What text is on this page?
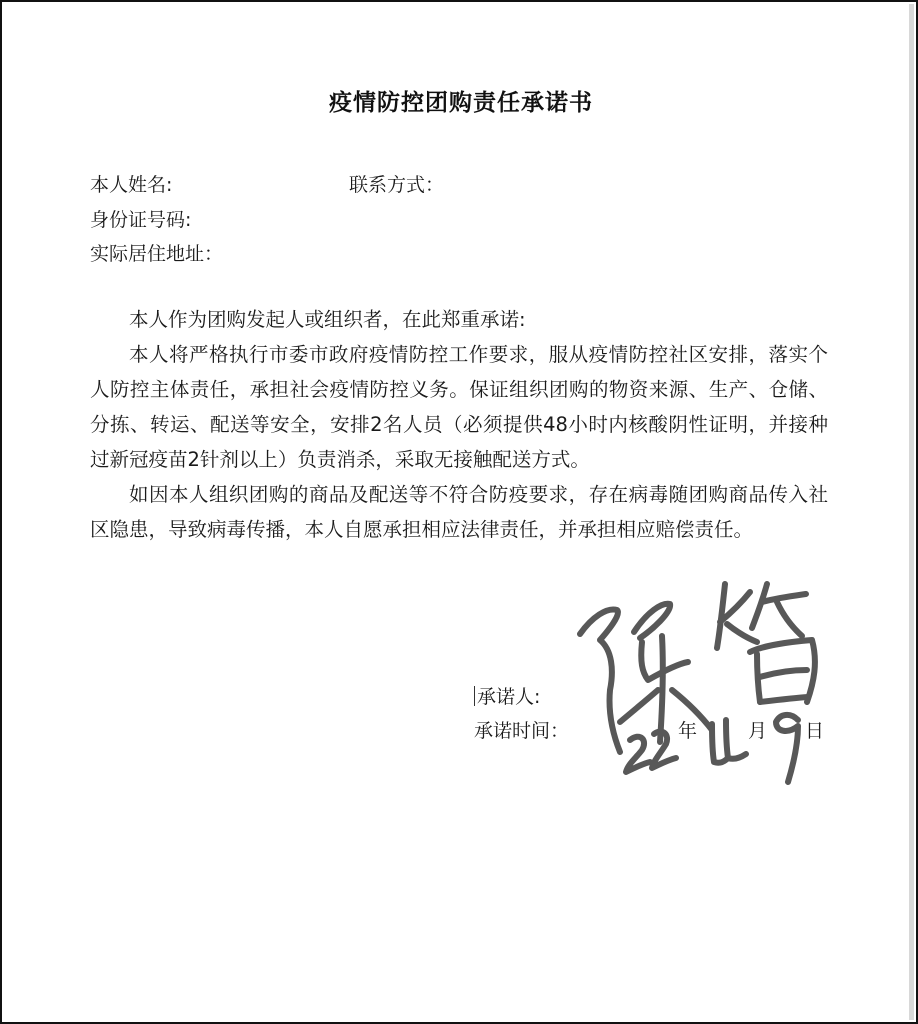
疫情防控团购责任承诺书
本人姓名:	联系方式：
身份证号码:
实际居住地址：

本人作为团购发起人或组织者，在此郑重承诺:

本人将严格执行市委市政府疫情防控工作要求，服从疫情防控社区安排，落实个人防控主体责任，承担社会疫情防控义务。保证组织团购的物资来源、生产、仓储、分拣、转运、配送等安全，安排2名人员（必须提供48小时内核酸阴性证明，并接种过新冠疫苗2针剂以上）负责消杀，采取无接触配送方式。

如因本人组织团购的商品及配送等不符合防疫要求，存在病毒随团购商品传入社区隐患，导致病毒传播，本人自愿承担相应法律责任，并承担相应赔偿责任。

承诺人:
承诺时间：	年	月 日
